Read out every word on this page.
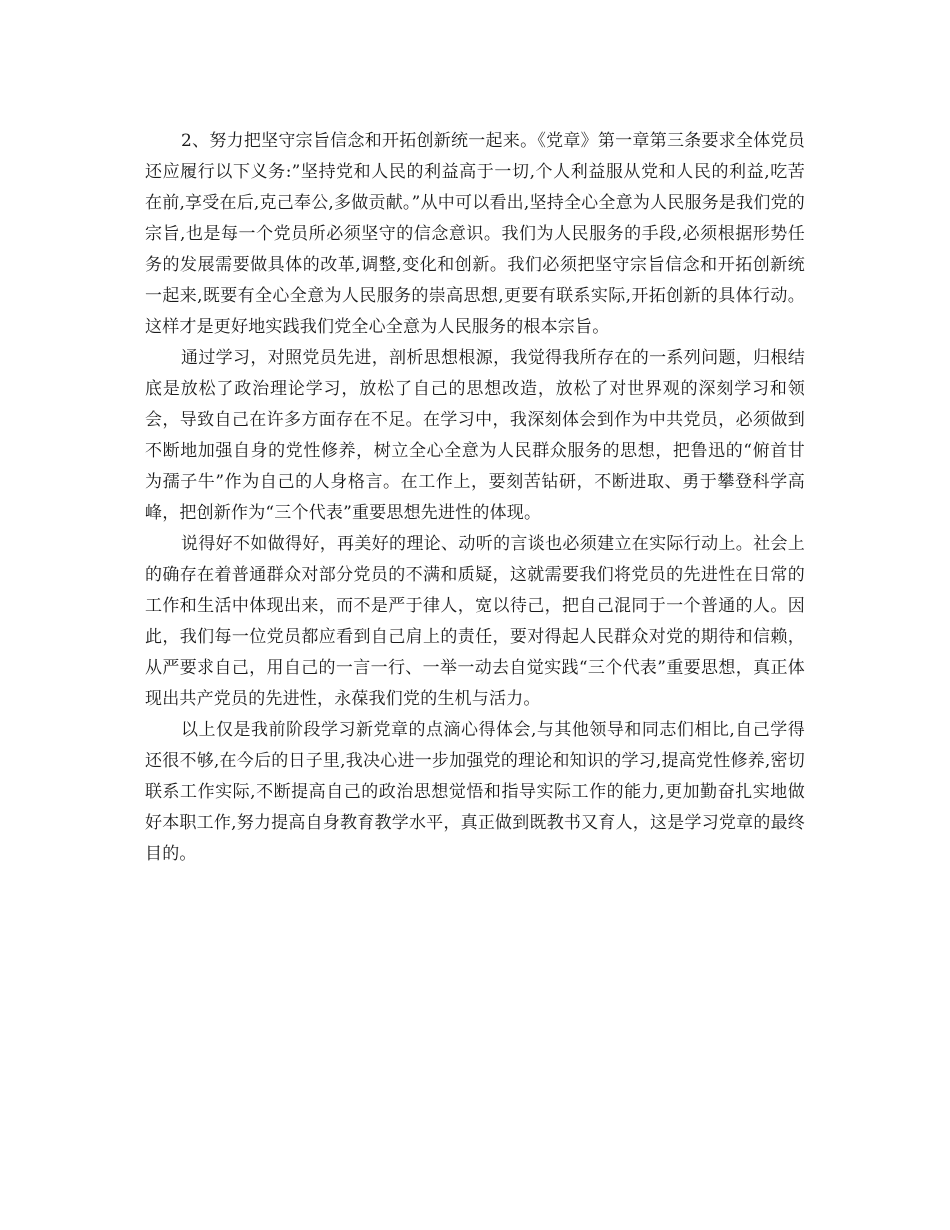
2、努力把坚守宗旨信念和开拓创新统一起来。《党章》第一章第三条要求全体党员还应履行以下义务:”坚持党和人民的利益高于一切,个人利益服从党和人民的利益,吃苦在前,享受在后,克己奉公,多做贡献。”从中可以看出,坚持全心全意为人民服务是我们党的宗旨,也是每一个党员所必须坚守的信念意识。我们为人民服务的手段,必须根据形势任务的发展需要做具体的改革,调整,变化和创新。我们必须把坚守宗旨信念和开拓创新统一起来,既要有全心全意为人民服务的崇高思想,更要有联系实际,开拓创新的具体行动。这样才是更好地实践我们党全心全意为人民服务的根本宗旨。

通过学习，对照党员先进，剖析思想根源，我觉得我所存在的一系列问题，归根结底是放松了政治理论学习，放松了自己的思想改造，放松了对世界观的深刻学习和领会，导致自己在许多方面存在不足。在学习中，我深刻体会到作为中共党员，必须做到不断地加强自身的党性修养，树立全心全意为人民群众服务的思想，把鲁迅的“俯首甘为孺子牛”作为自己的人身格言。在工作上，要刻苦钻研，不断进取、勇于攀登科学高峰，把创新作为“三个代表”重要思想先进性的体现。

说得好不如做得好，再美好的理论、动听的言谈也必须建立在实际行动上。社会上的确存在着普通群众对部分党员的不满和质疑，这就需要我们将党员的先进性在日常的工作和生活中体现出来，而不是严于律人，宽以待己，把自己混同于一个普通的人。因此，我们每一位党员都应看到自己肩上的责任，要对得起人民群众对党的期待和信赖，从严要求自己，用自己的一言一行、一举一动去自觉实践“三个代表”重要思想，真正体现出共产党员的先进性，永葆我们党的生机与活力。

以上仅是我前阶段学习新党章的点滴心得体会,与其他领导和同志们相比,自己学得还很不够,在今后的日子里,我决心进一步加强党的理论和知识的学习,提高党性修养,密切联系工作实际,不断提高自己的政治思想觉悟和指导实际工作的能力,更加勤奋扎实地做好本职工作,努力提高自身教育教学水平，真正做到既教书又育人，这是学习党章的最终目的。
